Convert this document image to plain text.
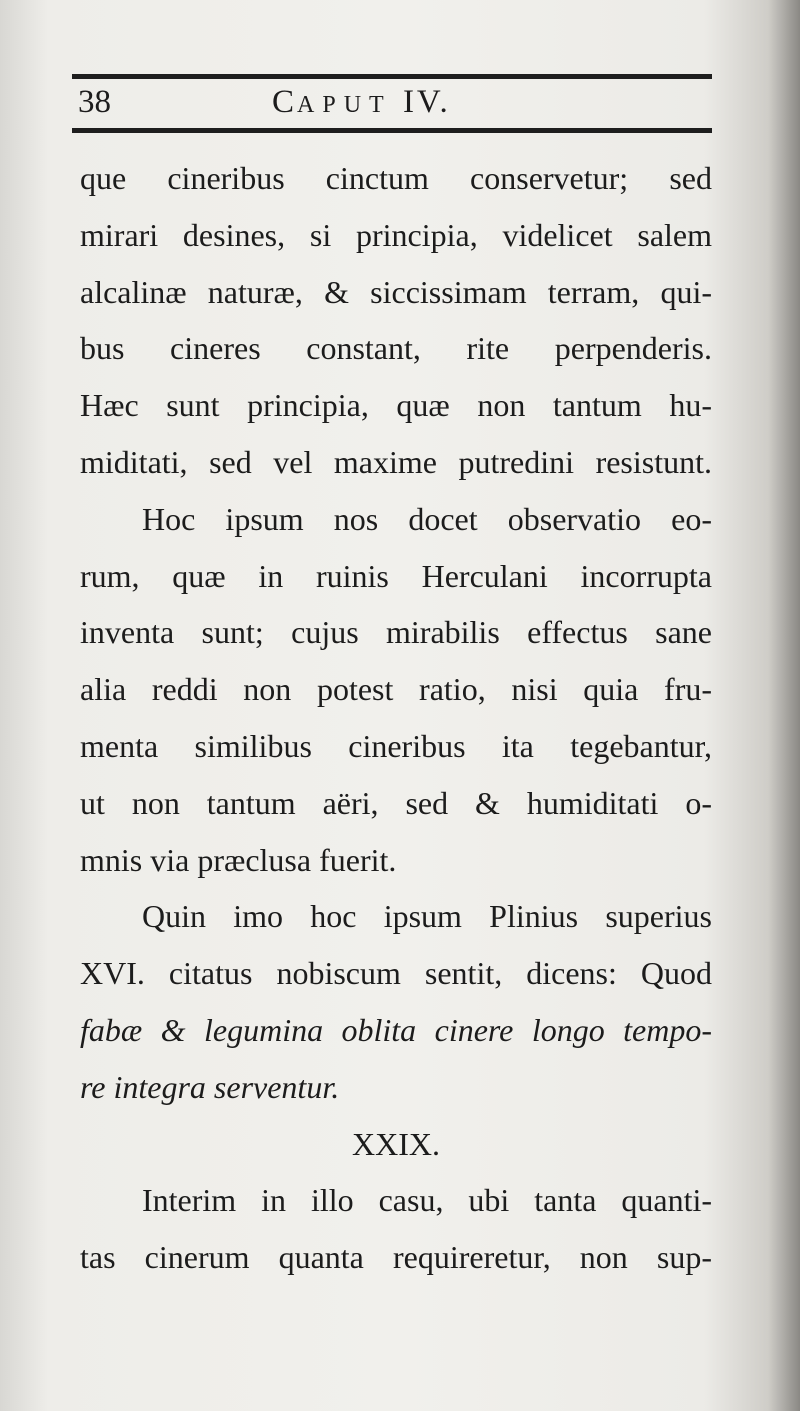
38	CAPUT IV.
que cineribus cinctum conservetur; sed
mirari desines, si principia, videlicet salem
alcalinæ naturæ, & siccissimam terram, qui-
bus cineres constant, rite perpenderis.
Hæc sunt principia, quæ non tantum hu-
miditati, sed vel maxime putredini resistunt.
Hoc ipsum nos docet observatio eo-
rum, quæ in ruinis Herculani incorrupta
inventa sunt; cujus mirabilis effectus sane
alia reddi non potest ratio, nisi quia fru-
menta similibus cineribus ita tegebantur,
ut non tantum aëri, sed & humiditati o-
mnis via præclusa fuerit.
Quin imo hoc ipsum Plinius superius
XVI. citatus nobiscum sentit, dicens: Quod
fabæ & legumina oblita cinere longo tempo-
re integra serventur.
XXIX.
Interim in illo casu, ubi tanta quanti-
tas cinerum quanta requireretur, non sup-
